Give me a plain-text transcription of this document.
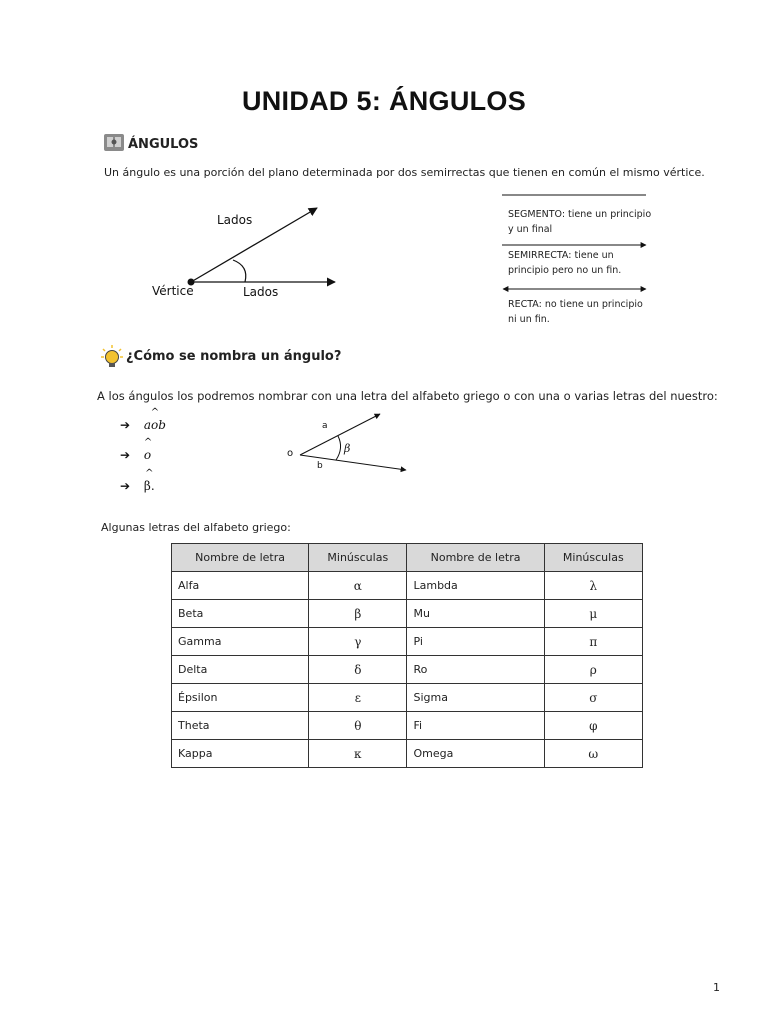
UNIDAD 5: ÁNGULOS
ÁNGULOS
Un ángulo es una porción del plano determinada por dos semirrectas que tienen en común el mismo vértice.
Lados
Lados
Vértice
SEGMENTO: tiene un principio
y un final
SEMIRRECTA: tiene un
principio pero no un fin.
RECTA: no tiene un principio
ni un fin.
¿Cómo se nombra un ángulo?
A los ángulos los podremos nombrar con una letra del alfabeto griego o con una o varias letras del nuestro:
➔
^
aob
➔
^
o
➔
^
β.
a
o
b
β
Algunas letras del alfabeto griego:
Nombre de letra	Minúsculas	Nombre de letra	Minúsculas
Alfa	α	Lambda	λ
Beta	β	Mu	μ
Gamma	γ	Pi	π
Delta	δ	Ro	ρ
Épsilon	ε	Sigma	σ
Theta	θ	Fi	φ
Kappa	κ	Omega	ω
1
